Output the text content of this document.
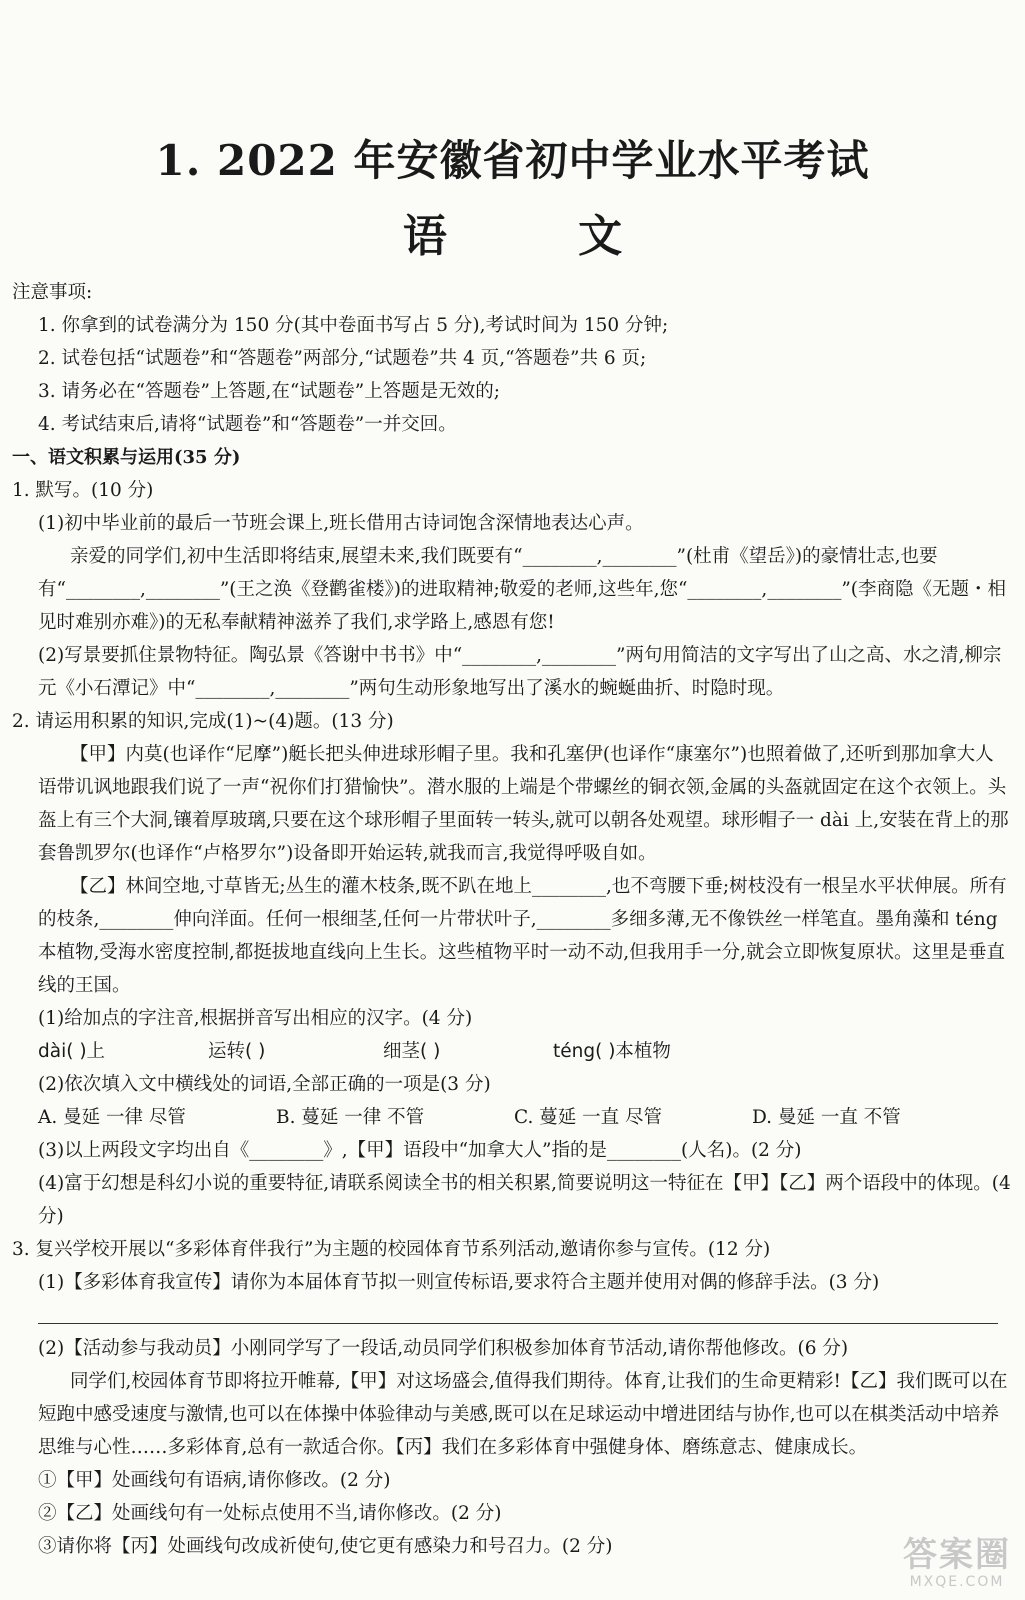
1. 2022 年安徽省初中学业水平考试
语 文

注意事项:

1. 你拿到的试卷满分为 150 分(其中卷面书写占 5 分),考试时间为 150 分钟;

2. 试卷包括“试题卷”和“答题卷”两部分,“试题卷”共 4 页,“答题卷”共 6 页;

3. 请务必在“答题卷”上答题,在“试题卷”上答题是无效的;

4. 考试结束后,请将“试题卷”和“答题卷”一并交回。

一、语文积累与运用(35 分)

1. 默写。(10 分)

(1)初中毕业前的最后一节班会课上,班长借用古诗词饱含深情地表达心声。

亲爱的同学们,初中生活即将结束,展望未来,我们既要有“________,________”(杜甫《望岳》)的豪情壮志,也要有“________,________”(王之涣《登鹳雀楼》)的进取精神;敬爱的老师,这些年,您“________,________”(李商隐《无题・相见时难别亦难》)的无私奉献精神滋养了我们,求学路上,感恩有您!

(2)写景要抓住景物特征。陶弘景《答谢中书书》中“________,________”两句用简洁的文字写出了山之高、水之清,柳宗元《小石潭记》中“________,________”两句生动形象地写出了溪水的蜿蜒曲折、时隐时现。

2. 请运用积累的知识,完成(1)~(4)题。(13 分)

【甲】内莫(也译作“尼摩”)艇长把头伸进球形帽子里。我和孔塞伊(也译作“康塞尔”)也照着做了,还听到那加拿大人语带讥讽地跟我们说了一声“祝你们打猎愉快”。潜水服的上端是个带螺丝的铜衣领,金属的头盔就固定在这个衣领上。头盔上有三个大洞,镶着厚玻璃,只要在这个球形帽子里面转一转头,就可以朝各处观望。球形帽子一 dài 上,安装在背上的那套鲁凯罗尔(也译作“卢格罗尔”)设备即开始运转,就我而言,我觉得呼吸自如。

【乙】林间空地,寸草皆无;丛生的灌木枝条,既不趴在地上________,也不弯腰下垂;树枝没有一根呈水平状伸展。所有的枝条,________伸向洋面。任何一根细茎,任何一片带状叶子,________多细多薄,无不像铁丝一样笔直。墨角藻和 téng 本植物,受海水密度控制,都挺拔地直线向上生长。这些植物平时一动不动,但我用手一分,就会立即恢复原状。这里是垂直线的王国。

(1)给加点的字注音,根据拼音写出相应的汉字。(4 分)

dài( )上	运转( )	细茎( )	téng( )本植物

(2)依次填入文中横线处的词语,全部正确的一项是(3 分)

A. 曼延 一律 尽管	B. 蔓延 一律 不管	C. 蔓延 一直 尽管	D. 曼延 一直 不管

(3)以上两段文字均出自《________》,【甲】语段中“加拿大人”指的是________(人名)。(2 分)

(4)富于幻想是科幻小说的重要特征,请联系阅读全书的相关积累,简要说明这一特征在【甲】【乙】两个语段中的体现。(4 分)

3. 复兴学校开展以“多彩体育伴我行”为主题的校园体育节系列活动,邀请你参与宣传。(12 分)

(1)【多彩体育我宣传】请你为本届体育节拟一则宣传标语,要求符合主题并使用对偶的修辞手法。(3 分)

(2)【活动参与我动员】小刚同学写了一段话,动员同学们积极参加体育节活动,请你帮他修改。(6 分)

同学们,校园体育节即将拉开帷幕,【甲】对这场盛会,值得我们期待。体育,让我们的生命更精彩!【乙】我们既可以在短跑中感受速度与激情,也可以在体操中体验律动与美感,既可以在足球运动中增进团结与协作,也可以在棋类活动中培养思维与心性……多彩体育,总有一款适合你。【丙】我们在多彩体育中强健身体、磨练意志、健康成长。

①【甲】处画线句有语病,请你修改。(2 分)

②【乙】处画线句有一处标点使用不当,请你修改。(2 分)

③请你将【丙】处画线句改成祈使句,使它更有感染力和号召力。(2 分)	答案圈
MXQE.COM
